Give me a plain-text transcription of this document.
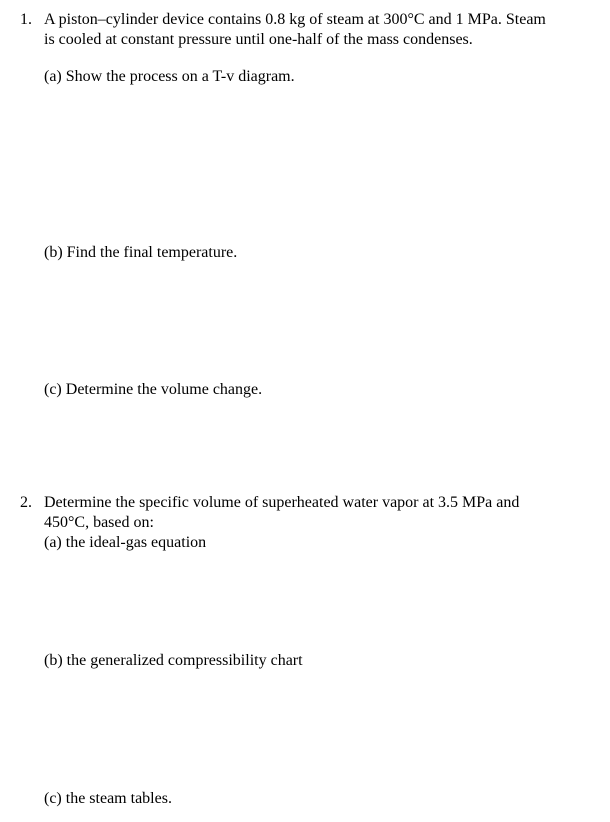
1. A piston–cylinder device contains 0.8 kg of steam at 300°C and 1 MPa. Steam
is cooled at constant pressure until one-half of the mass condenses.
(a) Show the process on a T-v diagram.
(b) Find the final temperature.
(c) Determine the volume change.
2. Determine the specific volume of superheated water vapor at 3.5 MPa and
450°C, based on:
(a) the ideal-gas equation
(b) the generalized compressibility chart
(c) the steam tables.
